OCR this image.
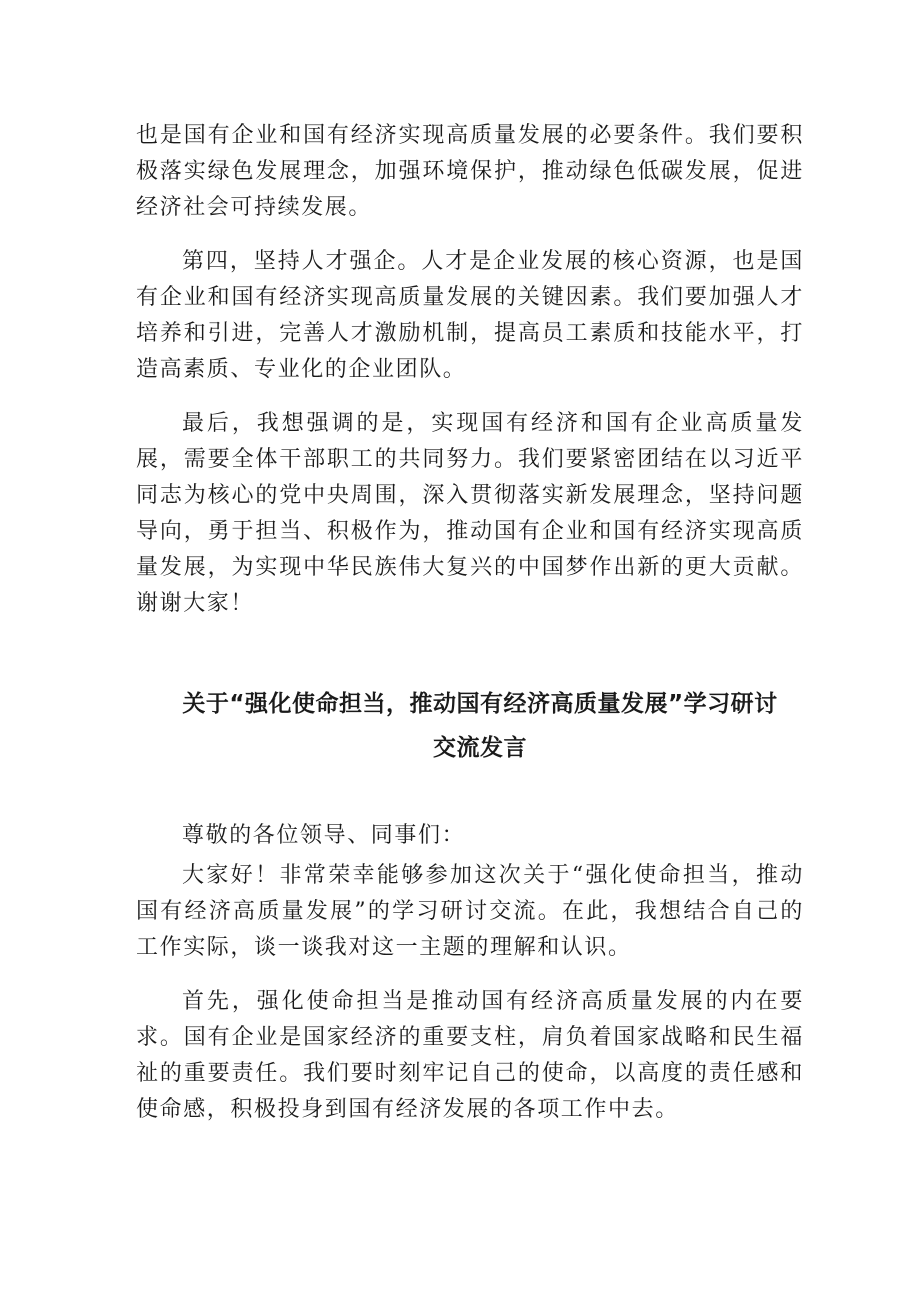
也是国有企业和国有经济实现高质量发展的必要条件。我们要积极落实绿色发展理念，加强环境保护，推动绿色低碳发展，促进经济社会可持续发展。

第四，坚持人才强企。人才是企业发展的核心资源，也是国有企业和国有经济实现高质量发展的关键因素。我们要加强人才培养和引进，完善人才激励机制，提高员工素质和技能水平，打造高素质、专业化的企业团队。

最后，我想强调的是，实现国有经济和国有企业高质量发展，需要全体干部职工的共同努力。我们要紧密团结在以习近平同志为核心的党中央周围，深入贯彻落实新发展理念，坚持问题导向，勇于担当、积极作为，推动国有企业和国有经济实现高质量发展，为实现中华民族伟大复兴的中国梦作出新的更大贡献。谢谢大家！

关于“强化使命担当，推动国有经济高质量发展”学习研讨
交流发言

尊敬的各位领导、同事们：

大家好！非常荣幸能够参加这次关于“强化使命担当，推动国有经济高质量发展”的学习研讨交流。在此，我想结合自己的工作实际，谈一谈我对这一主题的理解和认识。

首先，强化使命担当是推动国有经济高质量发展的内在要求。国有企业是国家经济的重要支柱，肩负着国家战略和民生福祉的重要责任。我们要时刻牢记自己的使命，以高度的责任感和使命感，积极投身到国有经济发展的各项工作中去。
